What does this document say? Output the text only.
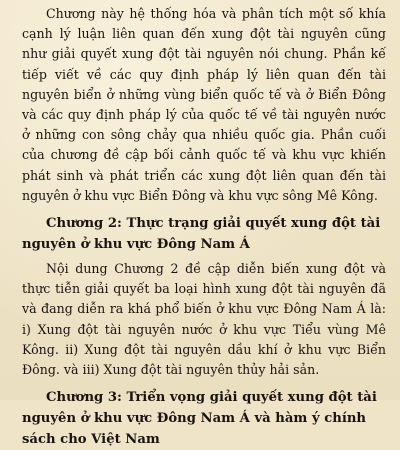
Chương này hệ thống hóa và phân tích một số khía cạnh lý luận liên quan đến xung đột tài nguyên cũng như giải quyết xung đột tài nguyên nói chung. Phần kế tiếp viết về các quy định pháp lý liên quan đến tài nguyên biển ở những vùng biển quốc tế và ở Biển Đông và các quy định pháp lý của quốc tế về tài nguyên nước ở những con sông chảy qua nhiều quốc gia. Phần cuối của chương đề cập bối cảnh quốc tế và khu vực khiến phát sinh và phát triển các xung đột liên quan đến tài nguyên ở khu vực Biển Đông và khu vực sông Mê Kông.

Chương 2: Thực trạng giải quyết xung đột tài nguyên ở khu vực Đông Nam Á

Nội dung Chương 2 đề cập diễn biến xung đột và thực tiễn giải quyết ba loại hình xung đột tài nguyên đã và đang diễn ra khá phổ biến ở khu vực Đông Nam Á là: i) Xung đột tài nguyên nước ở khu vực Tiểu vùng Mê Kông. ii) Xung đột tài nguyên dầu khí ở khu vực Biển Đông. và iii) Xung đột tài nguyên thủy hải sản.

Chương 3: Triển vọng giải quyết xung đột tài nguyên ở khu vực Đông Nam Á và hàm ý chính sách cho Việt Nam
